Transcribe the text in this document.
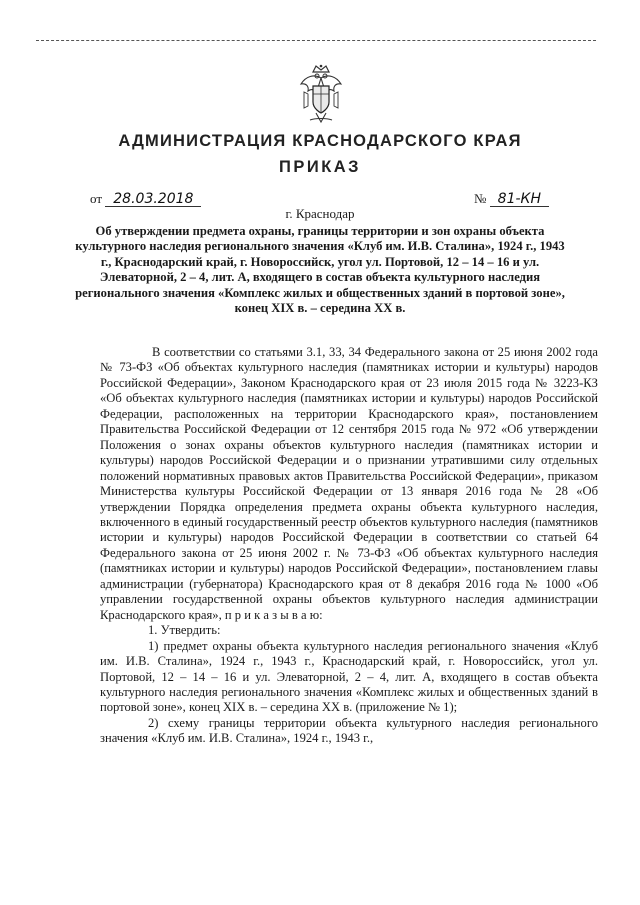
АДМИНИСТРАЦИЯ КРАСНОДАРСКОГО КРАЯ
ПРИКАЗ
от 28.03.2018	№ 81-КН
г. Краснодар
Об утверждении предмета охраны, границы территории и зон охраны объекта культурного наследия регионального значения «Клуб им. И.В. Сталина», 1924 г., 1943 г., Краснодарский край, г. Новороссийск, угол ул. Портовой, 12 – 14 – 16 и ул. Элеваторной, 2 – 4, лит. А, входящего в состав объекта культурного наследия регионального значения «Комплекс жилых и общественных зданий в портовой зоне», конец XIX в. – середина XX в.

В соответствии со статьями 3.1, 33, 34 Федерального закона от 25 июня 2002 года № 73-ФЗ «Об объектах культурного наследия (памятниках истории и культуры) народов Российской Федерации», Законом Краснодарского края от 23 июля 2015 года № 3223-КЗ «Об объектах культурного наследия (памятниках истории и культуры) народов Российской Федерации, расположенных на территории Краснодарского края», постановлением Правительства Российской Федерации от 12 сентября 2015 года № 972 «Об утверждении Положения о зонах охраны объектов культурного наследия (памятниках истории и культуры) народов Российской Федерации и о признании утратившими силу отдельных положений нормативных правовых актов Правительства Российской Федерации», приказом Министерства культуры Российской Федерации от 13 января 2016 года № 28 «Об утверждении Порядка определения предмета охраны объекта культурного наследия, включенного в единый государственный реестр объектов культурного наследия (памятников истории и культуры) народов Российской Федерации в соответствии со статьей 64 Федерального закона от 25 июня 2002 г. № 73-ФЗ «Об объектах культурного наследия (памятниках истории и культуры) народов Российской Федерации», постановлением главы администрации (губернатора) Краснодарского края от 8 декабря 2016 года № 1000 «Об управлении государственной охраны объектов культурного наследия администрации Краснодарского края», п р и к а з ы в а ю:

1. Утвердить:

1) предмет охраны объекта культурного наследия регионального значения «Клуб им. И.В. Сталина», 1924 г., 1943 г., Краснодарский край, г. Новороссийск, угол ул. Портовой, 12 – 14 – 16 и ул. Элеваторной, 2 – 4, лит. А, входящего в состав объекта культурного наследия регионального значения «Комплекс жилых и общественных зданий в портовой зоне», конец XIX в. – середина XX в. (приложение № 1);

2) схему границы территории объекта культурного наследия регионального значения «Клуб им. И.В. Сталина», 1924 г., 1943 г.,
